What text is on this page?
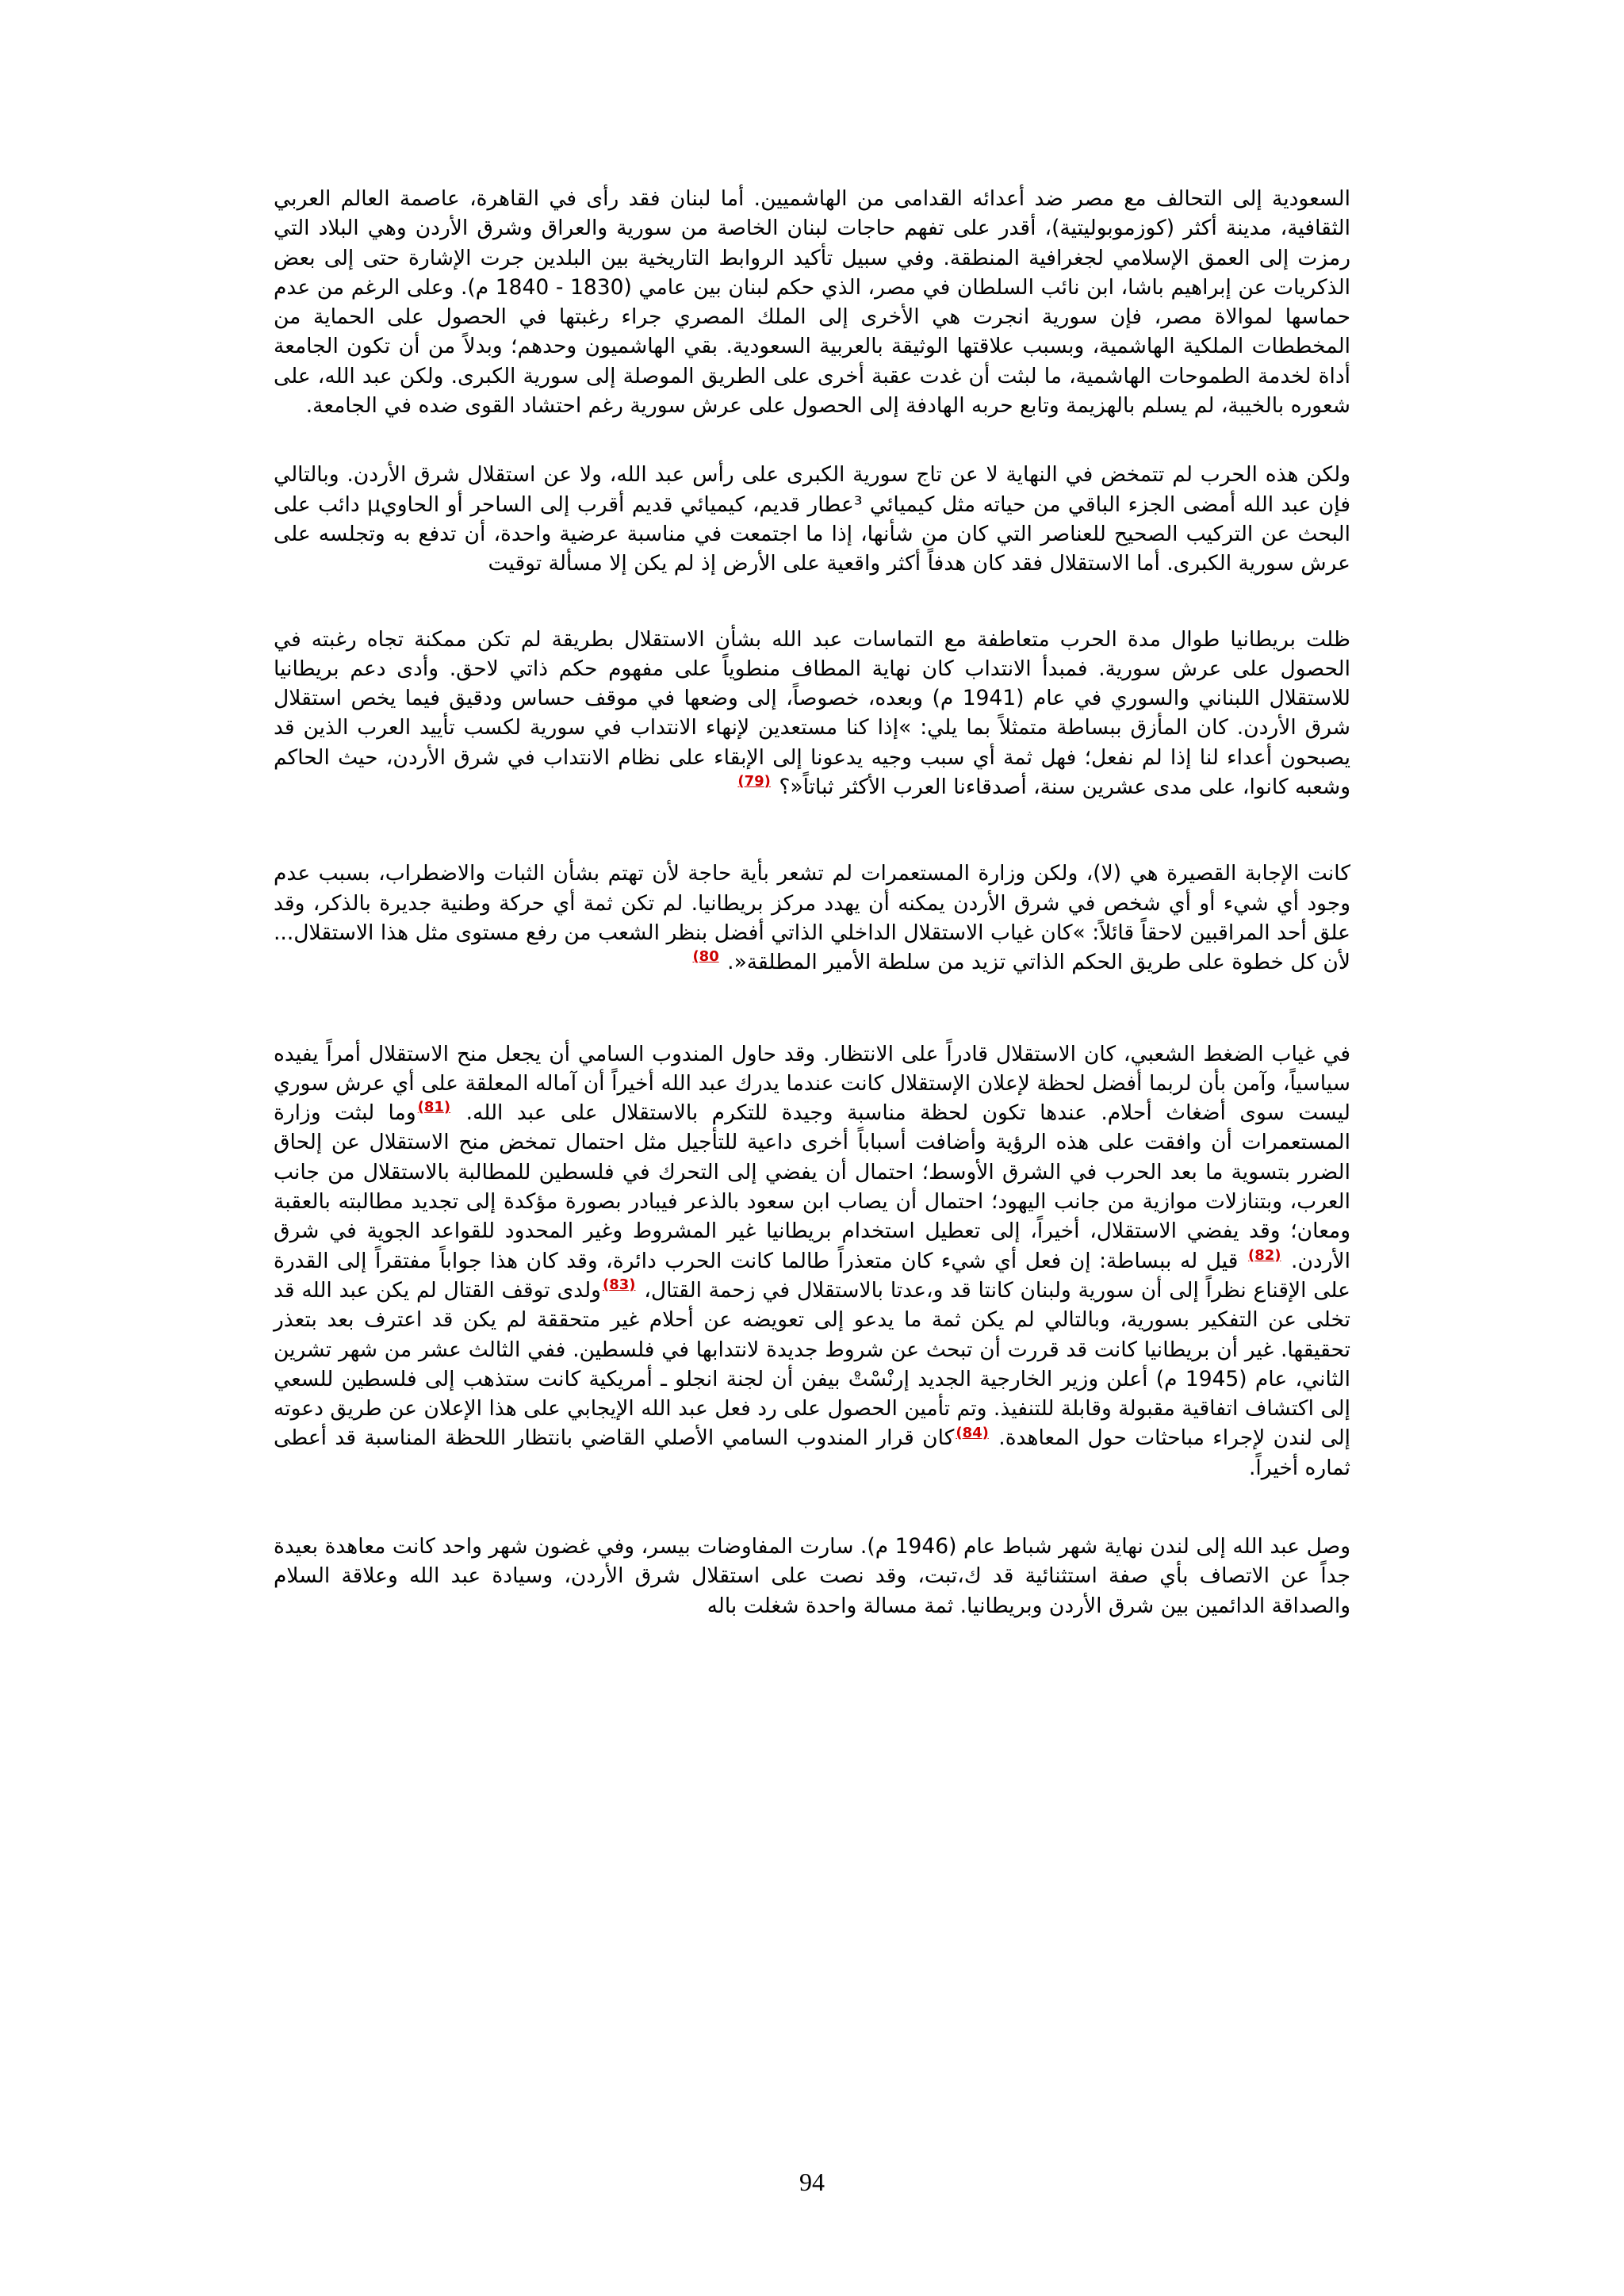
السعودية إلى التحالف مع مصر ضد أعدائه القدامى من الهاشميين. أما لبنان فقد رأى في القاهرة، عاصمة العالم العربي الثقافية، مدينة أكثر (كوزموبوليتية)، أقدر على تفهم حاجات لبنان الخاصة من سورية والعراق وشرق الأردن وهي البلاد التي رمزت إلى العمق الإسلامي لجغرافية المنطقة. وفي سبيل تأكيد الروابط التاريخية بين البلدين جرت الإشارة حتى إلى بعض الذكريات عن إبراهيم باشا، ابن نائب السلطان في مصر، الذي حكم لبنان بين عامي (1830 - 1840 م). وعلى الرغم من عدم حماسها لموالاة مصر، فإن سورية انجرت هي الأخرى إلى الملك المصري جراء رغبتها في الحصول على الحماية من المخططات الملكية الهاشمية، وبسبب علاقتها الوثيقة بالعربية السعودية. بقي الهاشميون وحدهم؛ وبدلاً من أن تكون الجامعة أداة لخدمة الطموحات الهاشمية، ما لبثت أن غدت عقبة أخرى على الطريق الموصلة إلى سورية الكبرى. ولكن عبد الله، على شعوره بالخيبة، لم يسلم بالهزيمة وتابع حربه الهادفة إلى الحصول على عرش سورية رغم احتشاد القوى ضده في الجامعة.

ولكن هذه الحرب لم تتمخض في النهاية لا عن تاج سورية الكبرى على رأس عبد الله، ولا عن استقلال شرق الأردن. وبالتالي فإن عبد الله أمضى الجزء الباقي من حياته مثل كيميائي ³عطار قديم، كيميائي قديم أقرب إلى الساحر أو الحاويµ دائب على البحث عن التركيب الصحيح للعناصر التي كان من شأنها، إذا ما اجتمعت في مناسبة عرضية واحدة، أن تدفع به وتجلسه على عرش سورية الكبرى. أما الاستقلال فقد كان هدفاً أكثر واقعية على الأرض إذ لم يكن إلا مسألة توقيت

ظلت بريطانيا طوال مدة الحرب متعاطفة مع التماسات عبد الله بشأن الاستقلال بطريقة لم تكن ممكنة تجاه رغبته في الحصول على عرش سورية. فمبدأ الانتداب كان نهاية المطاف منطوياً على مفهوم حكم ذاتي لاحق. وأدى دعم بريطانيا للاستقلال اللبناني والسوري في عام (1941 م) وبعده، خصوصاً، إلى وضعها في موقف حساس ودقيق فيما يخص استقلال شرق الأردن. كان المأزق ببساطة متمثلاً بما يلي: »إذا كنا مستعدين لإنهاء الانتداب في سورية لكسب تأييد العرب الذين قد يصبحون أعداء لنا إذا لم نفعل؛ فهل ثمة أي سبب وجيه يدعونا إلى الإبقاء على نظام الانتداب في شرق الأردن، حيث الحاكم وشعبه كانوا، على مدى عشرين سنة، أصدقاءنا العرب الأكثر ثباتاً«؟ $^{(79)}$

كانت الإجابة القصيرة هي (لا)، ولكن وزارة المستعمرات لم تشعر بأية حاجة لأن تهتم بشأن الثبات والاضطراب، بسبب عدم وجود أي شيء أو أي شخص في شرق الأردن يمكنه أن يهدد مركز بريطانيا. لم تكن ثمة أي حركة وطنية جديرة بالذكر، وقد علق أحد المراقبين لاحقاً قائلاً: »كان غياب الاستقلال الداخلي الذاتي أفضل بنظر الشعب من رفع مستوى مثل هذا الاستقلال... لأن كل خطوة على طريق الحكم الذاتي تزيد من سلطة الأمير المطلقة«. $^{80)}$

في غياب الضغط الشعبي، كان الاستقلال قادراً على الانتظار. وقد حاول المندوب السامي أن يجعل منح الاستقلال أمراً يفيده سياسياً، وآمن بأن لربما أفضل لحظة لإعلان الإستقلال كانت عندما يدرك عبد الله أخيراً أن آماله المعلقة على أي عرش سوري ليست سوى أضغاث أحلام. عندها تكون لحظة مناسبة وجيدة للتكرم بالاستقلال على عبد الله. $^{(81)}$وما لبثت وزارة المستعمرات أن وافقت على هذه الرؤية وأضافت أسباباً أخرى داعية للتأجيل مثل احتمال تمخض منح الاستقلال عن إلحاق الضرر بتسوية ما بعد الحرب في الشرق الأوسط؛ احتمال أن يفضي إلى التحرك في فلسطين للمطالبة بالاستقلال من جانب العرب، وبتنازلات موازية من جانب اليهود؛ احتمال أن يصاب ابن سعود بالذعر فيبادر بصورة مؤكدة إلى تجديد مطالبته بالعقبة ومعان؛ وقد يفضي الاستقلال، أخيراً، إلى تعطيل استخدام بريطانيا غير المشروط وغير المحدود للقواعد الجوية في شرق الأردن. $^{(82)}$ قيل له ببساطة: إن فعل أي شيء كان متعذراً طالما كانت الحرب دائرة، وقد كان هذا جواباً مفتقراً إلى القدرة على الإقناع نظراً إلى أن سورية ولبنان كانتا قد و،عدتا بالاستقلال في زحمة القتال، $^{(83)}$ولدى توقف القتال لم يكن عبد الله قد تخلى عن التفكير بسورية، وبالتالي لم يكن ثمة ما يدعو إلى تعويضه عن أحلام غير متحققة لم يكن قد اعترف بعد بتعذر تحقيقها. غير أن بريطانيا كانت قد قررت أن تبحث عن شروط جديدة لانتدابها في فلسطين. ففي الثالث عشر من شهر تشرين الثاني، عام (1945 م) أعلن وزير الخارجية الجديد إرنْسْتْ بيفن أن لجنة انجلو ـ أمريكية كانت ستذهب إلى فلسطين للسعي إلى اكتشاف اتفاقية مقبولة وقابلة للتنفيذ. وتم تأمين الحصول على رد فعل عبد الله الإيجابي على هذا الإعلان عن طريق دعوته إلى لندن لإجراء مباحثات حول المعاهدة. $^{(84)}$كان قرار المندوب السامي الأصلي القاضي بانتظار اللحظة المناسبة قد أعطى ثماره أخيراً.

وصل عبد الله إلى لندن نهاية شهر شباط عام (1946 م). سارت المفاوضات بيسر، وفي غضون شهر واحد كانت معاهدة بعيدة جداً عن الاتصاف بأي صفة استثنائية قد ك،تبت، وقد نصت على استقلال شرق الأردن، وسيادة عبد الله وعلاقة السلام والصداقة الدائمين بين شرق الأردن وبريطانيا. ثمة مسالة واحدة شغلت باله

94
